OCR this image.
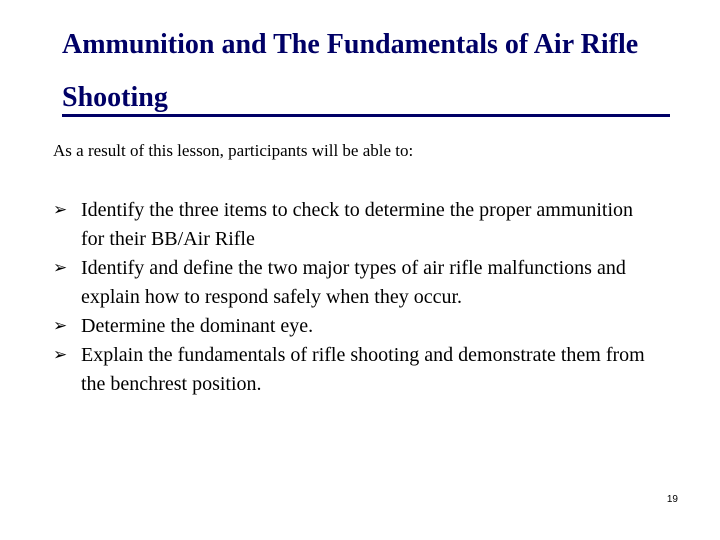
Ammunition and The Fundamentals of Air Rifle Shooting

As a result of this lesson, participants will be able to:

➢ Identify the three items to check to determine the proper ammunition for their BB/Air Rifle
➢ Identify and define the two major types of air rifle malfunctions and explain how to respond safely when they occur.
➢ Determine the dominant eye.
➢ Explain the fundamentals of rifle shooting and demonstrate them from the benchrest position.
19
